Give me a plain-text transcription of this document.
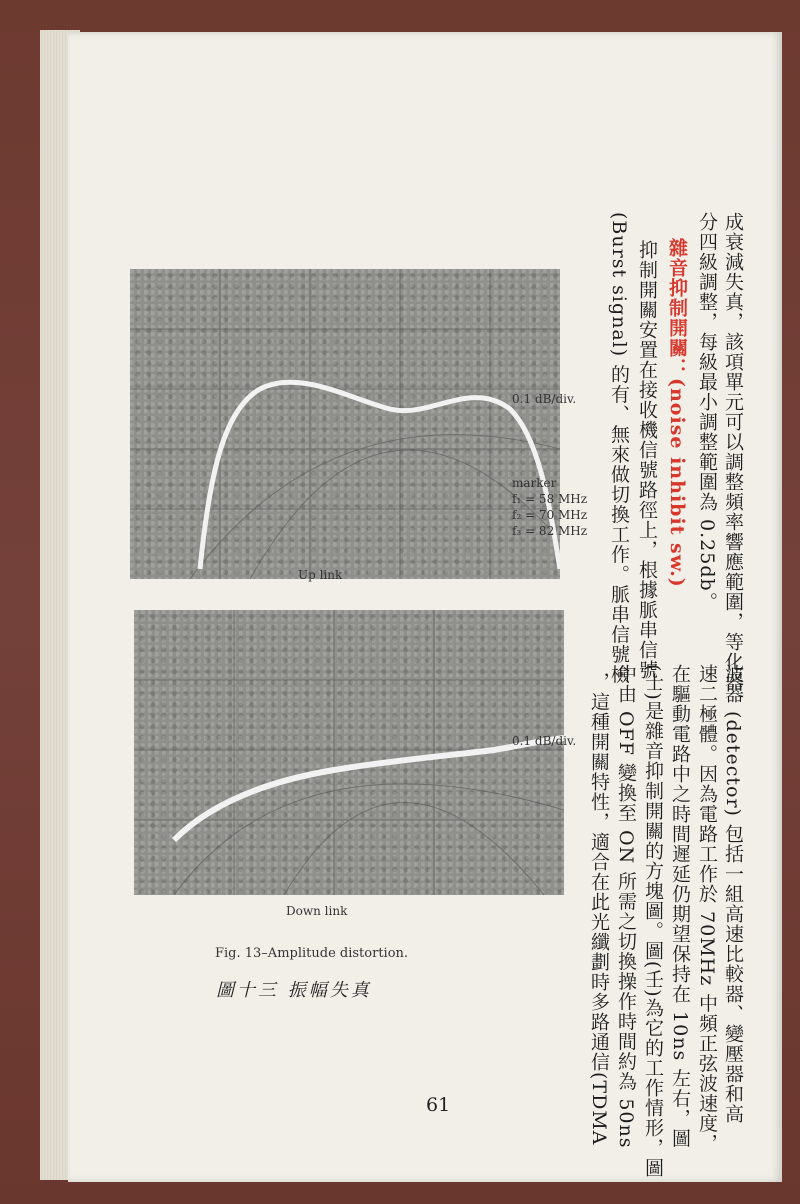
0.1 dB/div.
marker
f₁ = 58 MHz
f₂ = 70 MHz
f₃ = 82 MHz
Up link
0.1 dB/div.
Down link
Fig. 13–Amplitude distortion.
圖十三 振幅失真
成衰減失真，該項單元可以調整頻率響應範圍，等化器
分四級調整，每級最小調整範圍為 0.25db。
雜音抑制開關：(noise inhibit sw.)
抑制開關安置在接收機信號路徑上，根據脈串信號
(Burst signal) 的有、無來做切換工作。脈串信號檢
波器 (detector) 包括一組高速比較器、變壓器和高
速二極體。因為電路工作於 70MHz 中頻正弦波速度，
在驅動電路中之時間遲延仍期望保持在 10ns 左右，圖
(士)是雜音抑制開關的方塊圖。圖(壬)為它的工作情形，圖
中由 OFF 變換至 ON 所需之切換操作時間約為 50ns
，這種開關特性，適合在此光纖劃時多路通信(TDMA
61
